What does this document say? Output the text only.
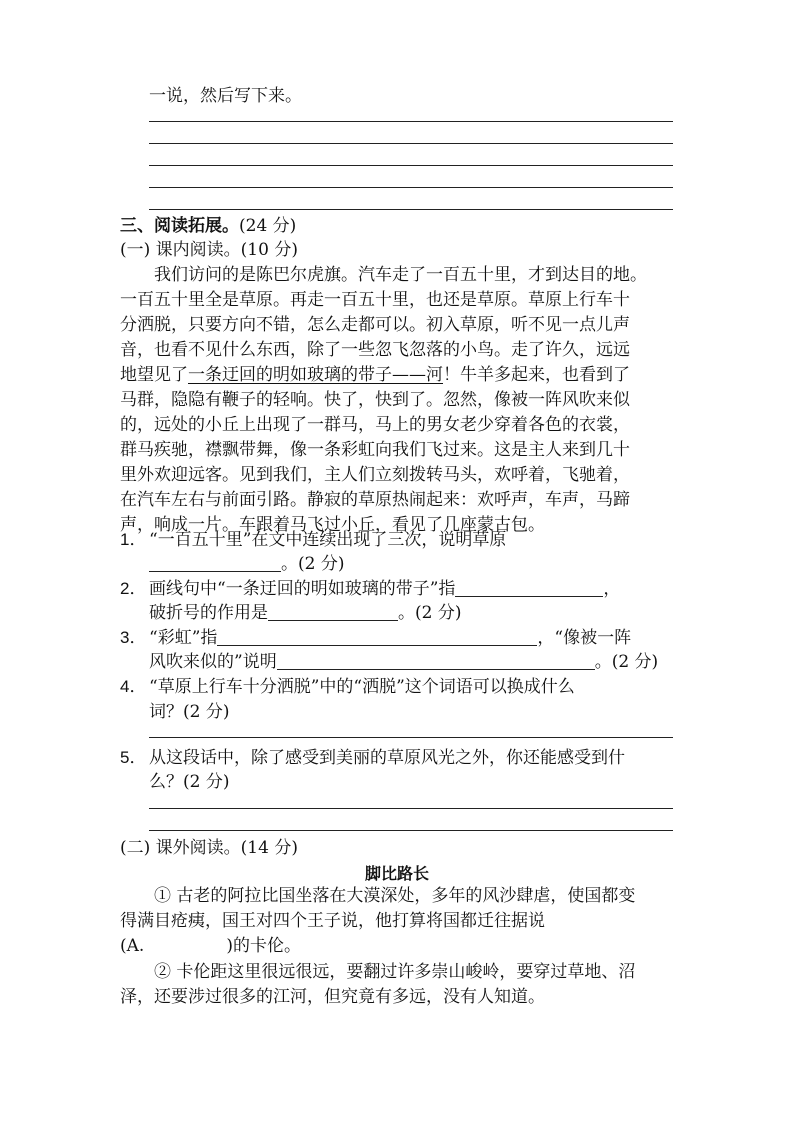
一说，然后写下来。
三、阅读拓展。(24 分)
(一) 课内阅读。(10 分)
　　我们访问的是陈巴尔虎旗。汽车走了一百五十里，才到达目的地。
一百五十里全是草原。再走一百五十里，也还是草原。草原上行车十
分洒脱，只要方向不错，怎么走都可以。初入草原，听不见一点儿声
音，也看不见什么东西，除了一些忽飞忽落的小鸟。走了许久，远远
地望见了一条迂回的明如玻璃的带子——河！牛羊多起来，也看到了
马群，隐隐有鞭子的轻响。快了，快到了。忽然，像被一阵风吹来似
的，远处的小丘上出现了一群马，马上的男女老少穿着各色的衣裳，
群马疾驰，襟飘带舞，像一条彩虹向我们飞过来。这是主人来到几十
里外欢迎远客。见到我们，主人们立刻拨转马头，欢呼着，飞驰着，
在汽车左右与前面引路。静寂的草原热闹起来：欢呼声，车声，马蹄
声，响成一片。车跟着马飞过小丘，看见了几座蒙古包。
1． “一百五十里”在文中连续出现了三次，说明草原
。(2 分)
2． 画线句中“一条迂回的明如玻璃的带子”指	，
破折号的作用是	。(2 分)
3． “彩虹”指	，“像被一阵
风吹来似的”说明	。(2 分)
4． “草原上行车十分洒脱”中的“洒脱”这个词语可以换成什么
词？(2 分)
5． 从这段话中，除了感受到美丽的草原风光之外，你还能感受到什
么？(2 分)
(二) 课外阅读。(14 分)
脚比路长
　　① 古老的阿拉比国坐落在大漠深处，多年的风沙肆虐，使国都变
得满目疮痍，国王对四个王子说，他打算将国都迁往据说
(A.	)的卡伦。
　　② 卡伦距这里很远很远，要翻过许多崇山峻岭，要穿过草地、沼
泽，还要涉过很多的江河，但究竟有多远，没有人知道。
